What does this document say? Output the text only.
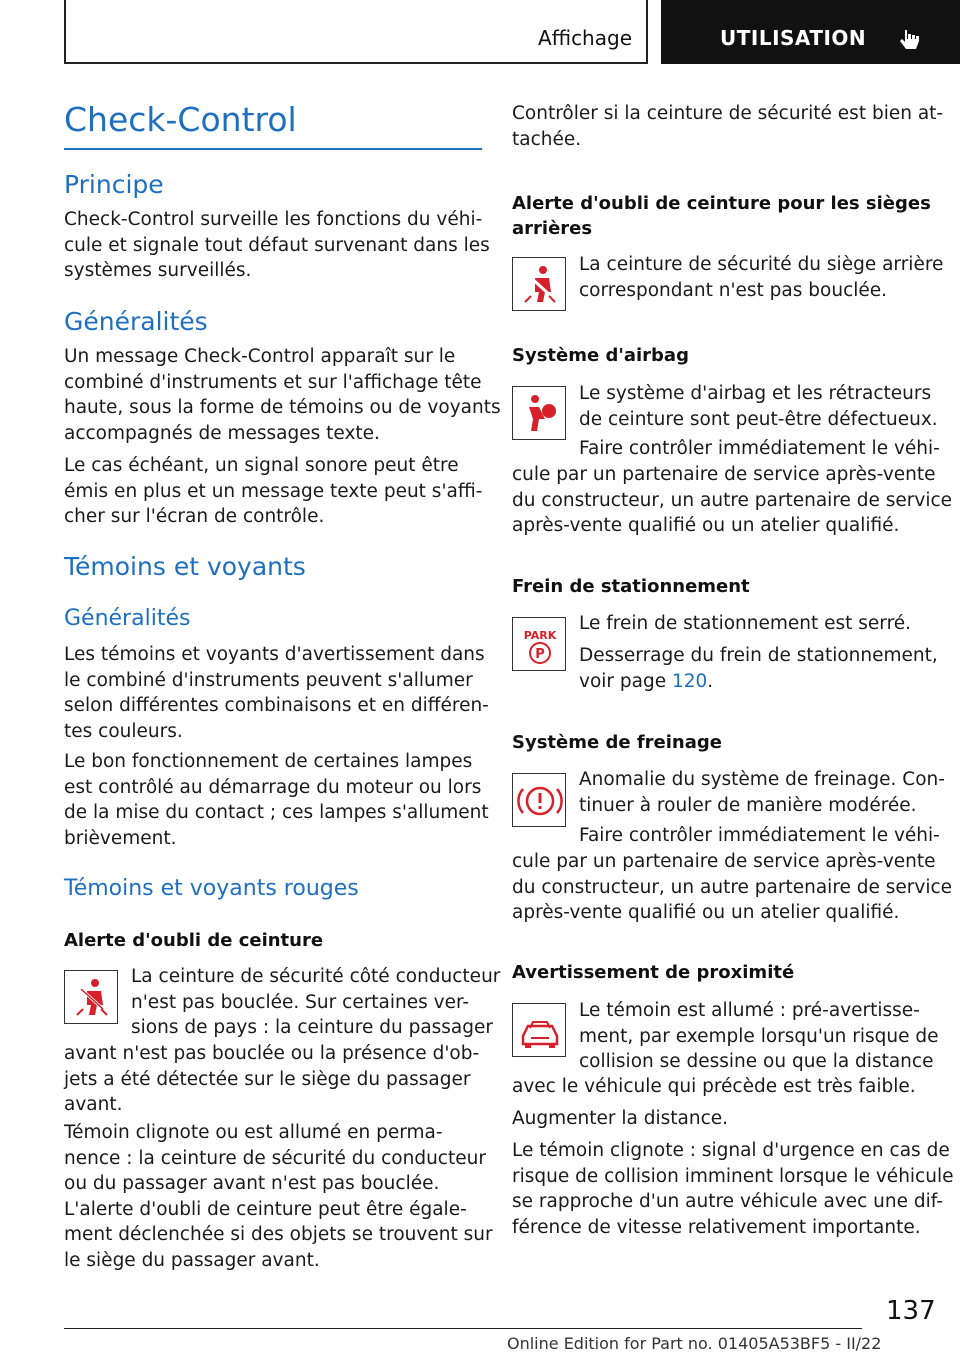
Affichage	UTILISATION
Check-Control
Principe
Check-Control surveille les fonctions du véhi-
cule et signale tout défaut survenant dans les
systèmes surveillés.
Généralités
Un message Check-Control apparaît sur le
combiné d'instruments et sur l'affichage tête
haute, sous la forme de témoins ou de voyants
accompagnés de messages texte.
Le cas échéant, un signal sonore peut être
émis en plus et un message texte peut s'affi-
cher sur l'écran de contrôle.
Témoins et voyants
Généralités
Les témoins et voyants d'avertissement dans
le combiné d'instruments peuvent s'allumer
selon différentes combinaisons et en différen-
tes couleurs.
Le bon fonctionnement de certaines lampes
est contrôlé au démarrage du moteur ou lors
de la mise du contact ; ces lampes s'allument
brièvement.
Témoins et voyants rouges
Alerte d'oubli de ceinture
La ceinture de sécurité côté conducteur
n'est pas bouclée. Sur certaines ver-
sions de pays : la ceinture du passager
avant n'est pas bouclée ou la présence d'ob-
jets a été détectée sur le siège du passager
avant.
Témoin clignote ou est allumé en perma-
nence : la ceinture de sécurité du conducteur
ou du passager avant n'est pas bouclée.
L'alerte d'oubli de ceinture peut être égale-
ment déclenchée si des objets se trouvent sur
le siège du passager avant.
Contrôler si la ceinture de sécurité est bien at-
tachée.
Alerte d'oubli de ceinture pour les sièges
arrières
La ceinture de sécurité du siège arrière
correspondant n'est pas bouclée.
Système d'airbag
Le système d'airbag et les rétracteurs
de ceinture sont peut-être défectueux.
Faire contrôler immédiatement le véhi-
cule par un partenaire de service après-vente
du constructeur, un autre partenaire de service
après-vente qualifié ou un atelier qualifié.
Frein de stationnement
PARK
P
Le frein de stationnement est serré.
Desserrage du frein de stationnement,
voir page 120.
Système de freinage
Anomalie du système de freinage. Con-
tinuer à rouler de manière modérée.
Faire contrôler immédiatement le véhi-
cule par un partenaire de service après-vente
du constructeur, un autre partenaire de service
après-vente qualifié ou un atelier qualifié.
Avertissement de proximité
Le témoin est allumé : pré-avertisse-
ment, par exemple lorsqu'un risque de
collision se dessine ou que la distance
avec le véhicule qui précède est très faible.
Augmenter la distance.
Le témoin clignote : signal d'urgence en cas de
risque de collision imminent lorsque le véhicule
se rapproche d'un autre véhicule avec une dif-
férence de vitesse relativement importante.
137
Online Edition for Part no. 01405A53BF5 - II/22
